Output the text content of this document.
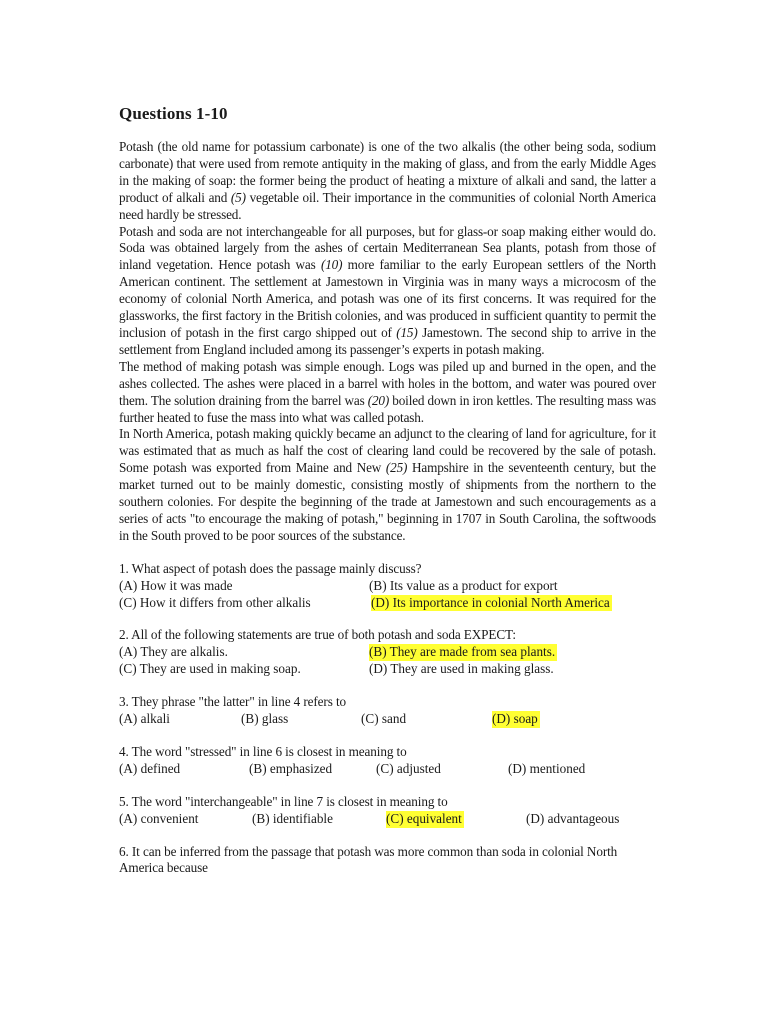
Questions 1-10

Potash (the old name for potassium carbonate) is one of the two alkalis (the other being soda, sodium carbonate) that were used from remote antiquity in the making of glass, and from the early Middle Ages in the making of soap: the former being the product of heating a mixture of alkali and sand, the latter a product of alkali and (5) vegetable oil. Their importance in the communities of colonial North America need hardly be stressed.

Potash and soda are not interchangeable for all purposes, but for glass-or soap making either would do. Soda was obtained largely from the ashes of certain Mediterranean Sea plants, potash from those of inland vegetation. Hence potash was (10) more familiar to the early European settlers of the North American continent. The settlement at Jamestown in Virginia was in many ways a microcosm of the economy of colonial North America, and potash was one of its first concerns. It was required for the glassworks, the first factory in the British colonies, and was produced in sufficient quantity to permit the inclusion of potash in the first cargo shipped out of (15) Jamestown. The second ship to arrive in the settlement from England included among its passenger’s experts in potash making.

The method of making potash was simple enough. Logs was piled up and burned in the open, and the ashes collected. The ashes were placed in a barrel with holes in the bottom, and water was poured over them. The solution draining from the barrel was (20) boiled down in iron kettles. The resulting mass was further heated to fuse the mass into what was called potash.

In North America, potash making quickly became an adjunct to the clearing of land for agriculture, for it was estimated that as much as half the cost of clearing land could be recovered by the sale of potash. Some potash was exported from Maine and New (25) Hampshire in the seventeenth century, but the market turned out to be mainly domestic, consisting mostly of shipments from the northern to the southern colonies. For despite the beginning of the trade at Jamestown and such encouragements as a series of acts "to encourage the making of potash," beginning in 1707 in South Carolina, the softwoods in the South proved to be poor sources of the substance.

1. What aspect of potash does the passage mainly discuss?
(A) How it was made	(B) Its value as a product for export
(C) How it differs from other alkalis	(D) Its importance in colonial North America
2. All of the following statements are true of both potash and soda EXPECT:
(A) They are alkalis.	(B) They are made from sea plants.
(C) They are used in making soap.	(D) They are used in making glass.
3. They phrase "the latter" in line 4 refers to
(A) alkali	(B) glass	(C) sand	(D) soap
4. The word "stressed" in line 6 is closest in meaning to
(A) defined	(B) emphasized	(C) adjusted	(D) mentioned
5. The word "interchangeable" in line 7 is closest in meaning to
(A) convenient	(B) identifiable	(C) equivalent	(D) advantageous
6. It can be inferred from the passage that potash was more common than soda in colonial North America because
